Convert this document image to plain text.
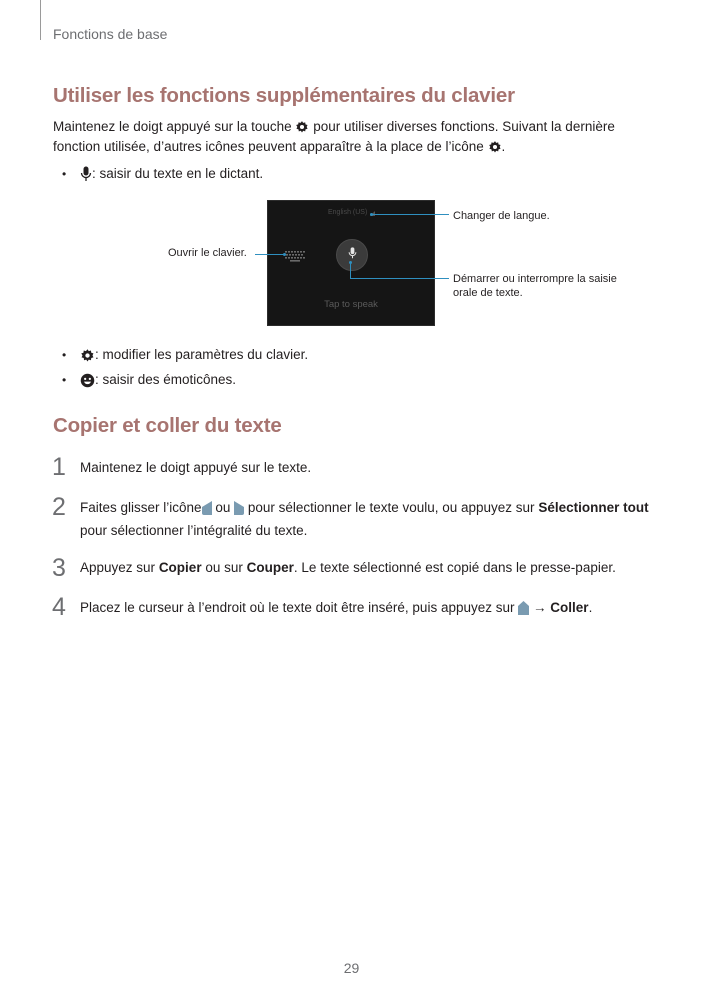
Fonctions de base
Utiliser les fonctions supplémentaires du clavier
Maintenez le doigt appuyé sur la touche pour utiliser diverses fonctions. Suivant la dernière fonction utilisée, d’autres icônes peuvent apparaître à la place de l’icône .
•	: saisir du texte en le dictant.
English (US)
Tap to speak
Changer de langue.
Ouvrir le clavier.
Démarrer ou interrompre la saisie
orale de texte.
•	: modifier les paramètres du clavier.
•	: saisir des émoticônes.
Copier et coller du texte
1 Maintenez le doigt appuyé sur le texte.
2 Faites glisser l’icône ou pour sélectionner le texte voulu, ou appuyez sur Sélectionner tout
pour sélectionner l’intégralité du texte.
3 Appuyez sur Copier ou sur Couper. Le texte sélectionné est copié dans le presse-papier.
4 Placez le curseur à l’endroit où le texte doit être inséré, puis appuyez sur → Coller.
29
